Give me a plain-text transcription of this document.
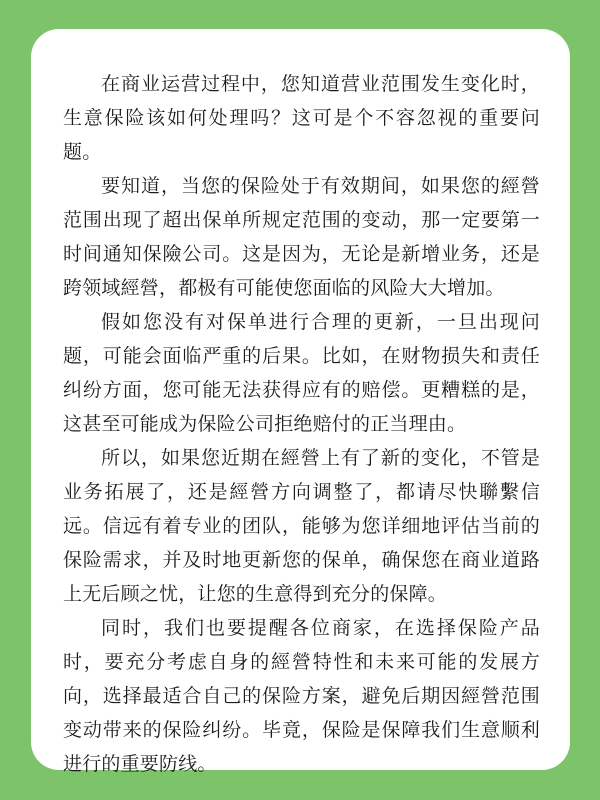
在商业运营过程中，您知道营业范围发生变化时，生意保险该如何处理吗？这可是个不容忽视的重要问题。

要知道，当您的保险处于有效期间，如果您的經營范围出现了超出保单所规定范围的变动，那一定要第一时间通知保險公司。这是因为，无论是新增业务，还是跨领域經營，都极有可能使您面临的风险大大增加。

假如您没有对保单进行合理的更新，一旦出现问题，可能会面临严重的后果。比如，在财物损失和责任纠纷方面，您可能无法获得应有的赔偿。更糟糕的是，这甚至可能成为保险公司拒绝赔付的正当理由。

所以，如果您近期在經營上有了新的变化，不管是业务拓展了，还是經營方向调整了，都请尽快聯繫信远。信远有着专业的团队，能够为您详细地评估当前的保险需求，并及时地更新您的保单，确保您在商业道路上无后顾之忧，让您的生意得到充分的保障。

同时，我们也要提醒各位商家，在选择保险产品时，要充分考虑自身的經營特性和未来可能的发展方向，选择最适合自己的保险方案，避免后期因經營范围变动带来的保险纠纷。毕竟，保险是保障我们生意顺利进行的重要防线。
